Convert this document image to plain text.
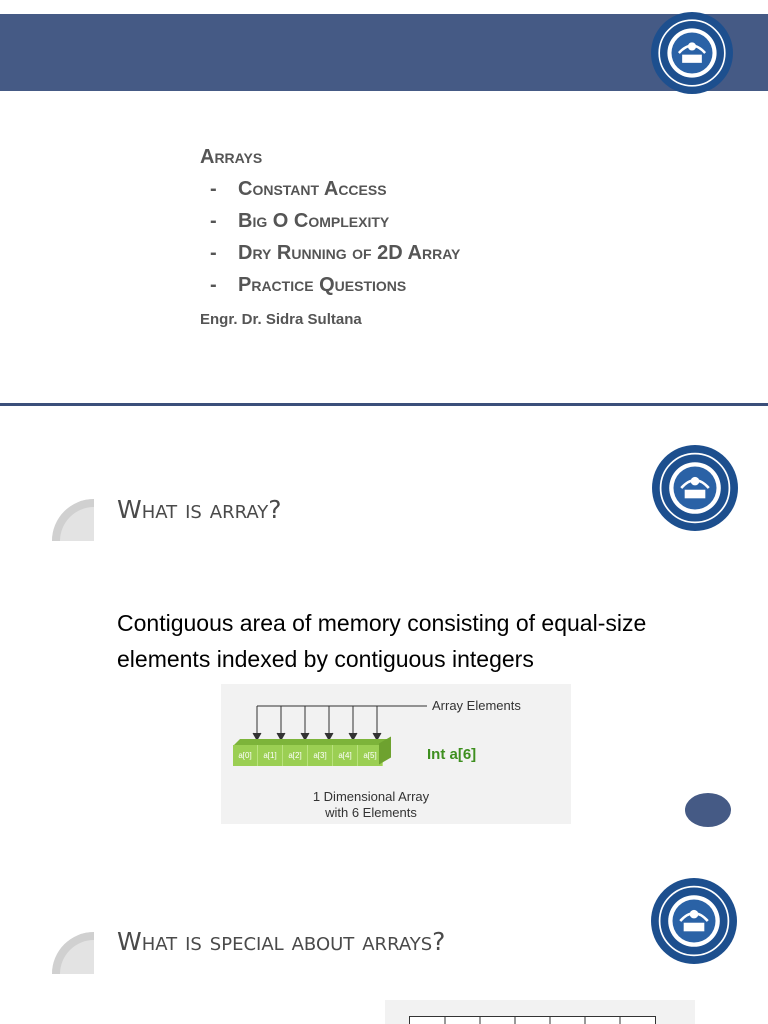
Arrays
- Constant Access
- Big O Complexity
- Dry Running of 2D Array
- Practice Questions
Engr. Dr. Sidra Sultana
What is array?
Contiguous area of memory consisting of equal-size elements indexed by contiguous integers
Array Elements
a[0]	a[1]	a[2]	a[3]	a[4]	a[5]	Int a[6]
1 Dimensional Array
with 6 Elements
What is special about arrays?
